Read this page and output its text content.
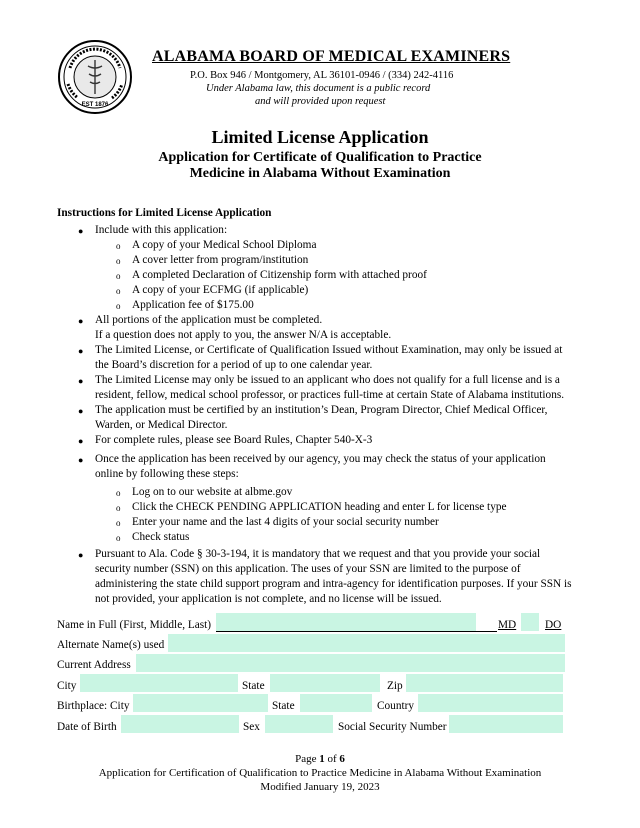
EST 1876
ALABAMA BOARD OF MEDICAL EXAMINERS
P.O. Box 946 / Montgomery, AL 36101-0946 / (334) 242-4116
Under Alabama law, this document is a public record
and will provided upon request
Limited License Application
Application for Certificate of Qualification to Practice
Medicine in Alabama Without Examination
Instructions for Limited License Application
● Include with this application:
o A copy of your Medical School Diploma
o A cover letter from program/institution
o A completed Declaration of Citizenship form with attached proof
o A copy of your ECFMG (if applicable)
o Application fee of $175.00
● All portions of the application must be completed.
If a question does not apply to you, the answer N/A is acceptable.
● The Limited License, or Certificate of Qualification Issued without Examination, may only be issued at
the Board’s discretion for a period of up to one calendar year.
● The Limited License may only be issued to an applicant who does not qualify for a full license and is a
resident, fellow, medical school professor, or practices full-time at certain State of Alabama institutions.
● The application must be certified by an institution’s Dean, Program Director, Chief Medical Officer,
Warden, or Medical Director.
● For complete rules, please see Board Rules, Chapter 540-X-3
● Once the application has been received by our agency, you may check the status of your application
online by following these steps:
o Log on to our website at albme.gov
o Click the CHECK PENDING APPLICATION heading and enter L for license type
o Enter your name and the last 4 digits of your social security number
o Check status
● Pursuant to Ala. Code § 30-3-194, it is mandatory that we request and that you provide your social
security number (SSN) on this application. The uses of your SSN are limited to the purpose of
administering the state child support program and intra-agency for identification purposes. If your SSN is
not provided, your application is not complete, and no license will be issued.
Name in Full (First, Middle, Last)	MD	DO
Alternate Name(s) used
Current Address
City	State	Zip
Birthplace: City	State	Country
Date of Birth	Sex	Social Security Number
Page 1 of 6
Application for Certification of Qualification to Practice Medicine in Alabama Without Examination
Modified January 19, 2023
